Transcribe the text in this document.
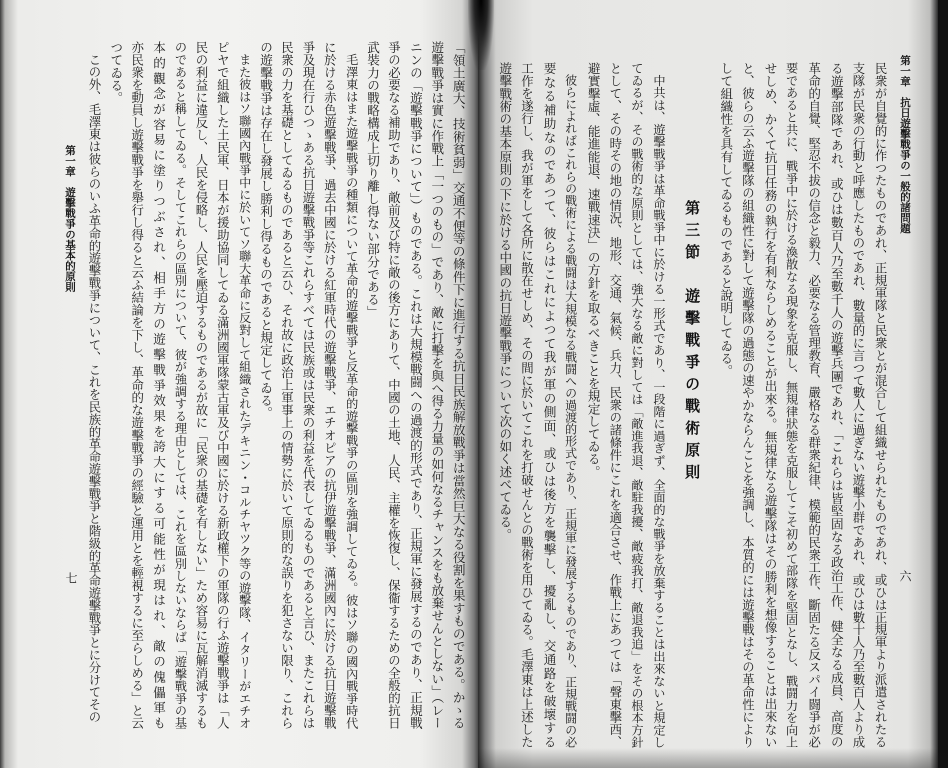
第一章　抗日遊擊戰爭の一般的諸問題
六
第一章　遊擊戰爭の基本的原則
七	民衆が自覺的に作つたものであれ、正規軍隊と民衆とが混合して組織せられたものであれ、或ひは正規軍より派遣されたる
支隊が民衆の行動と呼應したものであれ、數量的に言つて數人に過ぎない遊擊小群であれ、或ひは數十人乃至數百人より成
る遊擊部隊であれ、或ひは數百人乃至數千人の遊擊兵團であれ、「これらは皆堅固なる政治工作、健全なる成員、高度の
革命的自覺、堅忍不拔の信念と毅力、必要なる管理教育、嚴格なる群衆紀律、模範的民衆工作、斷固たる反スパイ闘爭が必
要であると共に、戰爭中に於ける渙散なる現象を克服し、無規律狀態を克服してこそ初めて部隊を堅固となし、戰闘力を向上
せしめ、かくて抗日任務の執行を有利ならしめることが出來る。無規律なる遊擊隊はその勝利を想像することは出來ない
と、彼らの云ふ遊擊隊の組織性に對して遊擊隊の過態の速やかならんことを強調し、本質的には遊擊戰はその革命性により
して組織性を具有してゐるものであると說明してゐる。
第三節　遊擊戰爭の戰術原則
　中共は、遊擊戰爭は革命戰爭中に於ける一形式であり、一段階に過ぎず、全面的な戰爭を放棄することは出來ないと規定し
てゐるが、その戰術的な原則としては、強大なる敵に對しては「敵進我退、敵駐我擾、敵疲我打、敵退我追」をその根本方針
として、その時その地の情況、地形、交通、氣候、兵力、民衆の諸條件にこれを適合させ、作戰上にあつては「聲東擊西、
避實擊虛、能進能退、速戰速決」の方針を取るべきことを規定してゐる。
　彼らによればこれらの戰術による戰闘は大規模なる戰闘への過渡的形式であり、正規軍に發展するものであり、正規戰闘の必
要なる補助なのであつて、彼らはこれによつて我が軍の側面、或ひは後方を襲擊し、擾亂し、交通路を破壞する
工作を遂行し、我が軍をして各所に散在せしめ、その間に於いてこれを打破せんとの戰術を用ひてゐる。毛澤東は上述した
遊擊戰術の基本原則の下に於ける中國の抗日遊擊戰爭について次の如く述べてゐる。
「領土廣大、技術貧弱」交通不便等の條件下に進行する抗日民族解放戰爭は當然巨大なる役割を果すものである。かゝる
遊擊戰爭は實に作戰上「一つのもの」であり、敵に打擊を與へ得る力量の如何なるチャンスをも放棄せんとしない」（レー
ニンの「遊擊戰爭について」）ものである。これは大規模戰闘への過渡的形式であり、正規軍に發展するのであり、正規戰
爭の必要なる補助であり、敵前及び特に敵の後方にありて、中國の土地、人民、主權を恢復し、保衞するための全般的抗日
武裝力の戰略構成上切り離し得ない部分である」
　毛澤東はまた遊擊戰爭の種類について革命的遊擊戰爭と反革命的遊擊戰爭の區別を強調してゐる。彼はソ聯の國內戰爭時代
に於ける赤色遊擊戰爭、過去中國に於ける紅軍時代の遊擊戰爭、エチオピアの抗伊遊擊戰爭、滿洲國內に於ける抗日遊擊戰
爭及現在行ひつゝある抗日遊擊戰爭等これらすべては民族或は民衆の利益を代表してゐるものであると言ひ、またこれらは
民衆の力を基礎としてゐるものであると云ひ、それ故に政治上軍事上の情勢に於いて原則的な誤りを犯さない限り、これら
の遊擊戰爭は存在し發展し勝利し得るものであると規定してゐる。
　また彼はソ聯國內戰爭中に於いてソ聯大革命に反對して組織されたデキニン・コルチヤツク等の遊擊隊、イタリーがエチオ
ピヤで組織した土民軍、日本が援助協同してゐる滿洲國軍隊蒙古軍及び中國に於ける新政權下の軍隊の行ふ遊擊戰爭は「人
民の利益に違反し、人民を侵略し、人民を壓迫するものであるが故に「民衆の基礎を有しない」ため容易に瓦解消滅するも
のであると稱してゐる。そしてこれらの區別について、彼が強調する理由としては、これを區別しないならば「遊擊戰爭の基
本的觀念が容易に塗りつぶされ、相手方の遊擊戰爭效果を誇大にする可能性が現はれ、敵の傀儡軍も
亦民衆を動員し遊擊戰爭を舉行し得ると云ふ結論を下し、革命的な遊擊戰爭の經驗と運用とを輕視するに至らしめる」と云
つてゐる。
　この外、毛澤東は彼らのいふ革命的遊擊戰爭について、これを民族的革命遊擊戰爭と階級的革命遊擊戰爭とに分けてその
